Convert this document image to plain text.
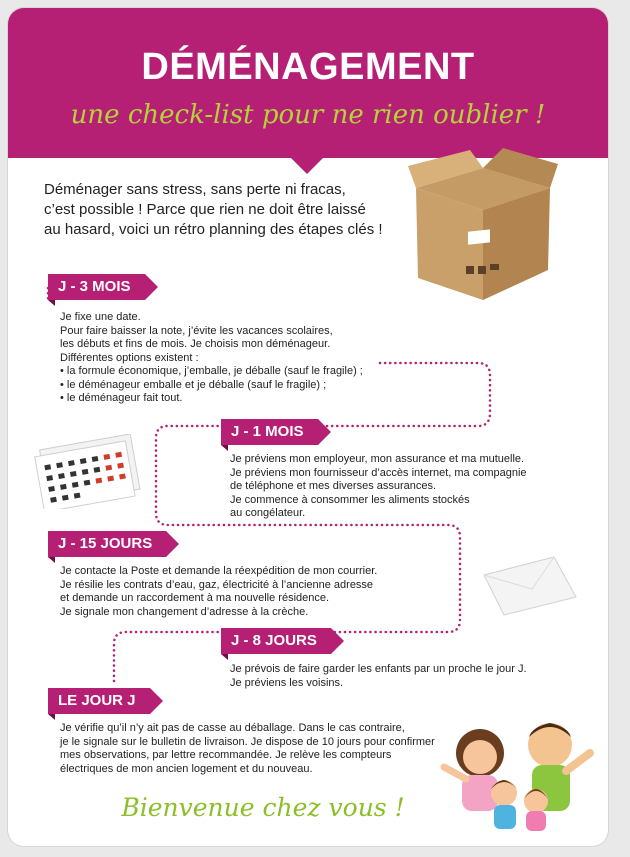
DÉMÉNAGEMENT
une check-list pour ne rien oublier !
Déménager sans stress, sans perte ni fracas,
c’est possible ! Parce que rien ne doit être laissé
au hasard, voici un rétro planning des étapes clés !
J - 3 MOIS
Je fixe une date.
Pour faire baisser la note, j’évite les vacances scolaires,
les débuts et fins de mois. Je choisis mon déménageur.
Différentes options existent :
• la formule économique, j’emballe, je déballe (sauf le fragile) ;
• le déménageur emballe et je déballe (sauf le fragile) ;
• le déménageur fait tout.
J - 1 MOIS
Je préviens mon employeur, mon assurance et ma mutuelle.
Je préviens mon fournisseur d’accès internet, ma compagnie
de téléphone et mes diverses assurances.
Je commence à consommer les aliments stockés
au congélateur.
J - 15 JOURS
Je contacte la Poste et demande la réexpédition de mon courrier.
Je résilie les contrats d’eau, gaz, électricité à l’ancienne adresse
et demande un raccordement à ma nouvelle résidence.
Je signale mon changement d’adresse à la crèche.
J - 8 JOURS
Je prévois de faire garder les enfants par un proche le jour J.
Je préviens les voisins.
LE JOUR J
Je vérifie qu’il n’y ait pas de casse au déballage. Dans le cas contraire,
je le signale sur le bulletin de livraison. Je dispose de 10 jours pour confirmer
mes observations, par lettre recommandée. Je relève les compteurs
électriques de mon ancien logement et du nouveau.
Bienvenue chez vous !
